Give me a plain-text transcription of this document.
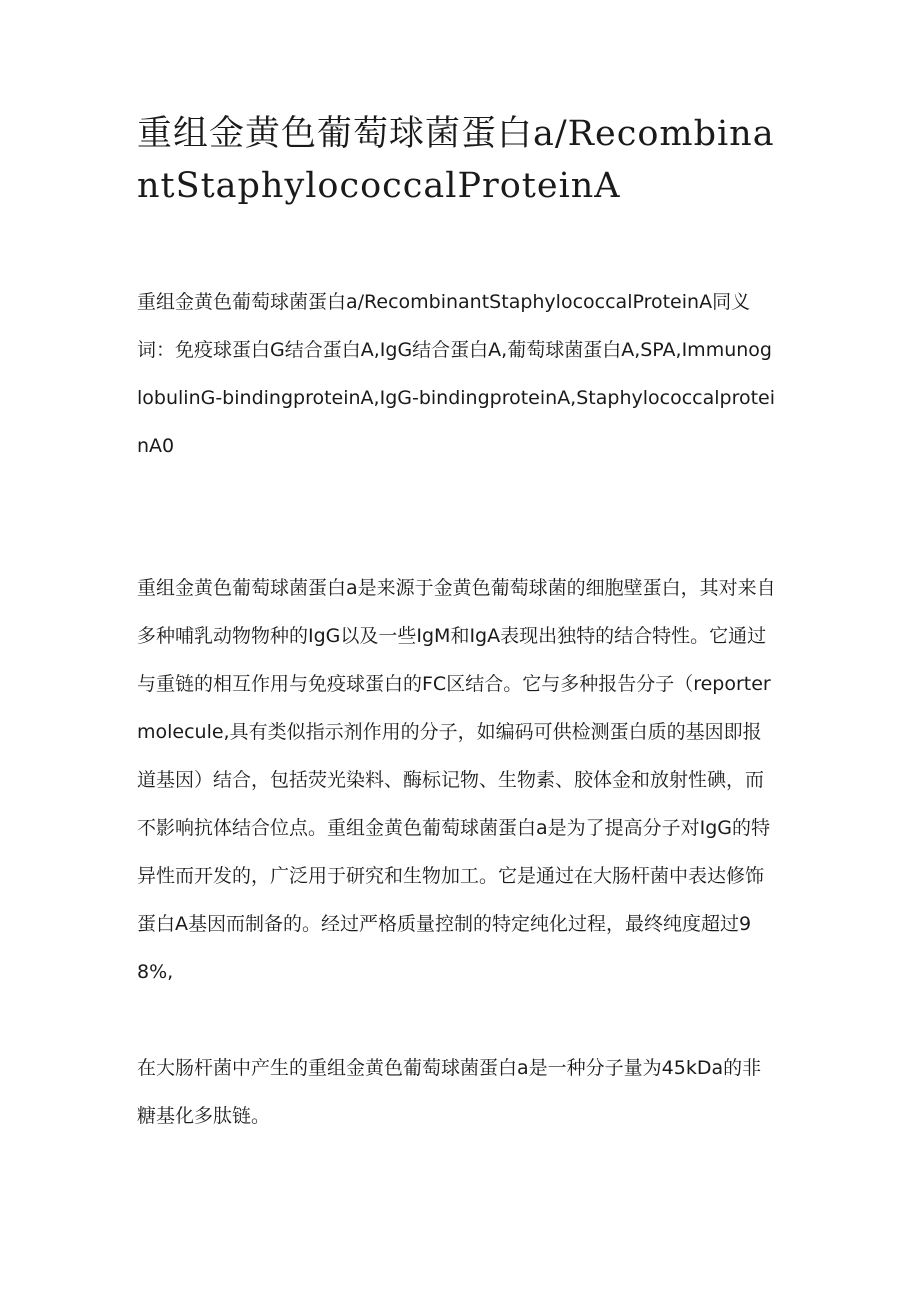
重组金黄色葡萄球菌蛋白a/RecombinantStaphylococcalProteinA
重组金黄色葡萄球菌蛋白a/RecombinantStaphylococcalProteinA同义词：免疫球蛋白G结合蛋白A,IgG结合蛋白A,葡萄球菌蛋白A,SPA,ImmunoglobulinG-bindingproteinA,IgG-bindingproteinA,StaphylococcalproteinA0

重组金黄色葡萄球菌蛋白a是来源于金黄色葡萄球菌的细胞壁蛋白，其对来自多种哺乳动物物种的IgG以及一些IgM和IgA表现出独特的结合特性。它通过与重链的相互作用与免疫球蛋白的FC区结合。它与多种报告分子（reportermolecule,具有类似指示剂作用的分子，如编码可供检测蛋白质的基因即报道基因）结合，包括荧光染料、酶标记物、生物素、胶体金和放射性碘，而不影响抗体结合位点。重组金黄色葡萄球菌蛋白a是为了提高分子对IgG的特异性而开发的，广泛用于研究和生物加工。它是通过在大肠杆菌中表达修饰蛋白A基因而制备的。经过严格质量控制的特定纯化过程，最终纯度超过98%,

在大肠杆菌中产生的重组金黄色葡萄球菌蛋白a是一种分子量为45kDa的非糖基化多肽链。
